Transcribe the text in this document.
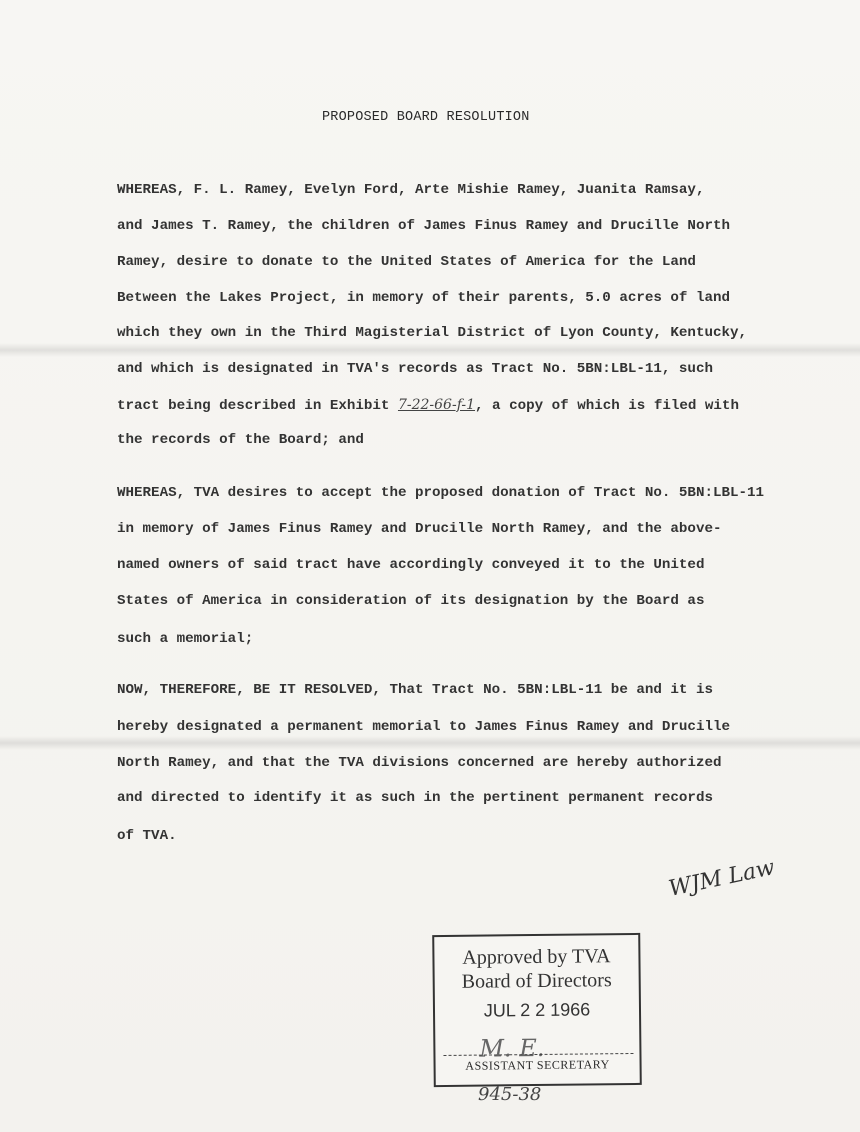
PROPOSED BOARD RESOLUTION
WHEREAS, F. L. Ramey, Evelyn Ford, Arte Mishie Ramey, Juanita Ramsay,
and James T. Ramey, the children of James Finus Ramey and Drucille North
Ramey, desire to donate to the United States of America for the Land
Between the Lakes Project, in memory of their parents, 5.0 acres of land
which they own in the Third Magisterial District of Lyon County, Kentucky,
and which is designated in TVA's records as Tract No. 5BN:LBL-11, such
tract being described in Exhibit 7-22-66-f-1, a copy of which is filed with
the records of the Board; and
WHEREAS, TVA desires to accept the proposed donation of Tract No. 5BN:LBL-11
in memory of James Finus Ramey and Drucille North Ramey, and the above-
named owners of said tract have accordingly conveyed it to the United
States of America in consideration of its designation by the Board as
such a memorial;
NOW, THEREFORE, BE IT RESOLVED, That Tract No. 5BN:LBL-11 be and it is
hereby designated a permanent memorial to James Finus Ramey and Drucille
North Ramey, and that the TVA divisions concerned are hereby authorized
and directed to identify it as such in the pertinent permanent records
of TVA.
WJM Law
Approved by TVA
Board of Directors
JUL 2 2 1966
M. E.
ASSISTANT SECRETARY
945-38
